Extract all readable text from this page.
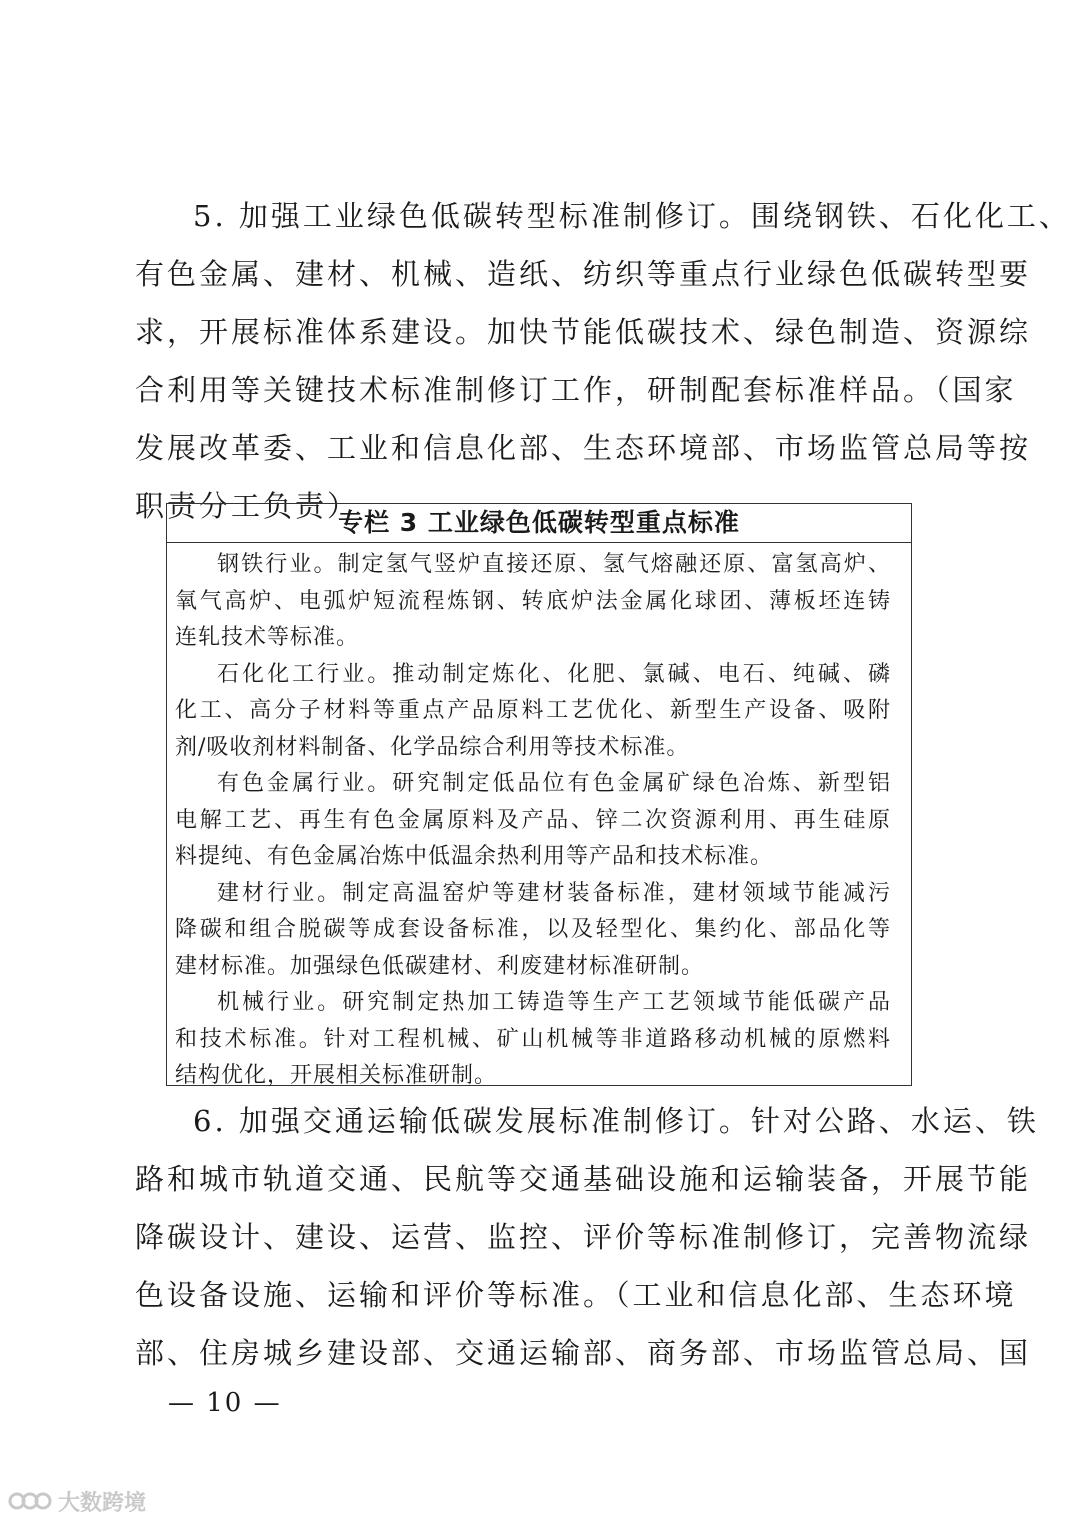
5. 加强工业绿色低碳转型标准制修订。围绕钢铁、石化化工、
有色金属、建材、机械、造纸、纺织等重点行业绿色低碳转型要
求，开展标准体系建设。加快节能低碳技术、绿色制造、资源综
合利用等关键技术标准制修订工作，研制配套标准样品。（国家
发展改革委、工业和信息化部、生态环境部、市场监管总局等按
职责分工负责）
专栏 3 工业绿色低碳转型重点标准
钢铁行业。制定氢气竖炉直接还原、氢气熔融还原、富氢高炉、
氧气高炉、电弧炉短流程炼钢、转底炉法金属化球团、薄板坯连铸
连轧技术等标准。
石化化工行业。推动制定炼化、化肥、氯碱、电石、纯碱、磷
化工、高分子材料等重点产品原料工艺优化、新型生产设备、吸附
剂/吸收剂材料制备、化学品综合利用等技术标准。
有色金属行业。研究制定低品位有色金属矿绿色冶炼、新型铝
电解工艺、再生有色金属原料及产品、锌二次资源利用、再生硅原
料提纯、有色金属冶炼中低温余热利用等产品和技术标准。
建材行业。制定高温窑炉等建材装备标准，建材领域节能减污
降碳和组合脱碳等成套设备标准，以及轻型化、集约化、部品化等
建材标准。加强绿色低碳建材、利废建材标准研制。
机械行业。研究制定热加工铸造等生产工艺领域节能低碳产品
和技术标准。针对工程机械、矿山机械等非道路移动机械的原燃料
结构优化，开展相关标准研制。
6. 加强交通运输低碳发展标准制修订。针对公路、水运、铁
路和城市轨道交通、民航等交通基础设施和运输装备，开展节能
降碳设计、建设、运营、监控、评价等标准制修订，完善物流绿
色设备设施、运输和评价等标准。（工业和信息化部、生态环境
部、住房城乡建设部、交通运输部、商务部、市场监管总局、国
— 10 —
大数跨境
